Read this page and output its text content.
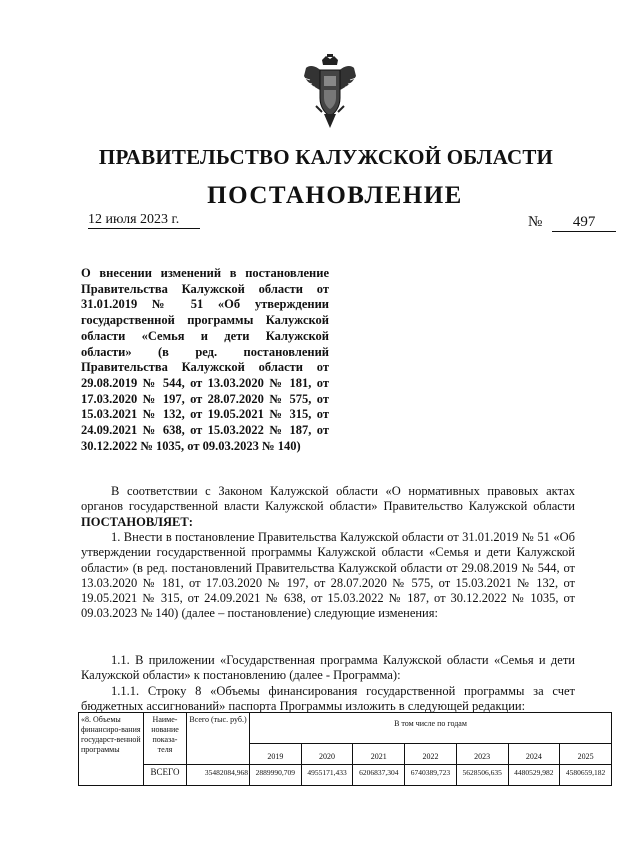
ПРАВИТЕЛЬСТВО КАЛУЖСКОЙ ОБЛАСТИ
ПОСТАНОВЛЕНИЕ
12 июля 2023 г.	№ 497

О внесении изменений в постановление Правительства Калужской области от 31.01.2019 № 51 «Об утверждении государственной программы Калужской области «Семья и дети Калужской области» (в ред. постановлений Правительства Калужской области от 29.08.2019 № 544, от 13.03.2020 № 181, от 17.03.2020 № 197, от 28.07.2020 № 575, от 15.03.2021 № 132, от 19.05.2021 № 315, от 24.09.2021 № 638, от 15.03.2022 № 187, от 30.12.2022 № 1035, от 09.03.2023 № 140)

В соответствии с Законом Калужской области «О нормативных правовых актах органов государственной власти Калужской области» Правительство Калужской области ПОСТАНОВЛЯЕТ:

1. Внести в постановление Правительства Калужской области от 31.01.2019 № 51 «Об утверждении государственной программы Калужской области «Семья и дети Калужской области» (в ред. постановлений Правительства Калужской области от 29.08.2019 № 544, от 13.03.2020 № 181, от 17.03.2020 № 197, от 28.07.2020 № 575, от 15.03.2021 № 132, от 19.05.2021 № 315, от 24.09.2021 № 638, от 15.03.2022 № 187, от 30.12.2022 № 1035, от 09.03.2023 № 140) (далее – постановление) следующие изменения:

1.1. В приложении «Государственная программа Калужской области «Семья и дети Калужской области» к постановлению (далее - Программа):

1.1.1. Строку 8 «Объемы финансирования государственной программы за счет бюджетных ассигнований» паспорта Программы изложить в следующей редакции:

«8. Объемы финансиро-вания государст-венной программы	Наиме-нование показа-теля	Всего (тыс. руб.)	В том числе по годам						
			2019	2020	2021	2022	2023	2024	2025
	ВСЕГО	35482084,968	2889990,709	4955171,433	6206837,304	6740389,723	5628506,635	4480529,982	4580659,182
